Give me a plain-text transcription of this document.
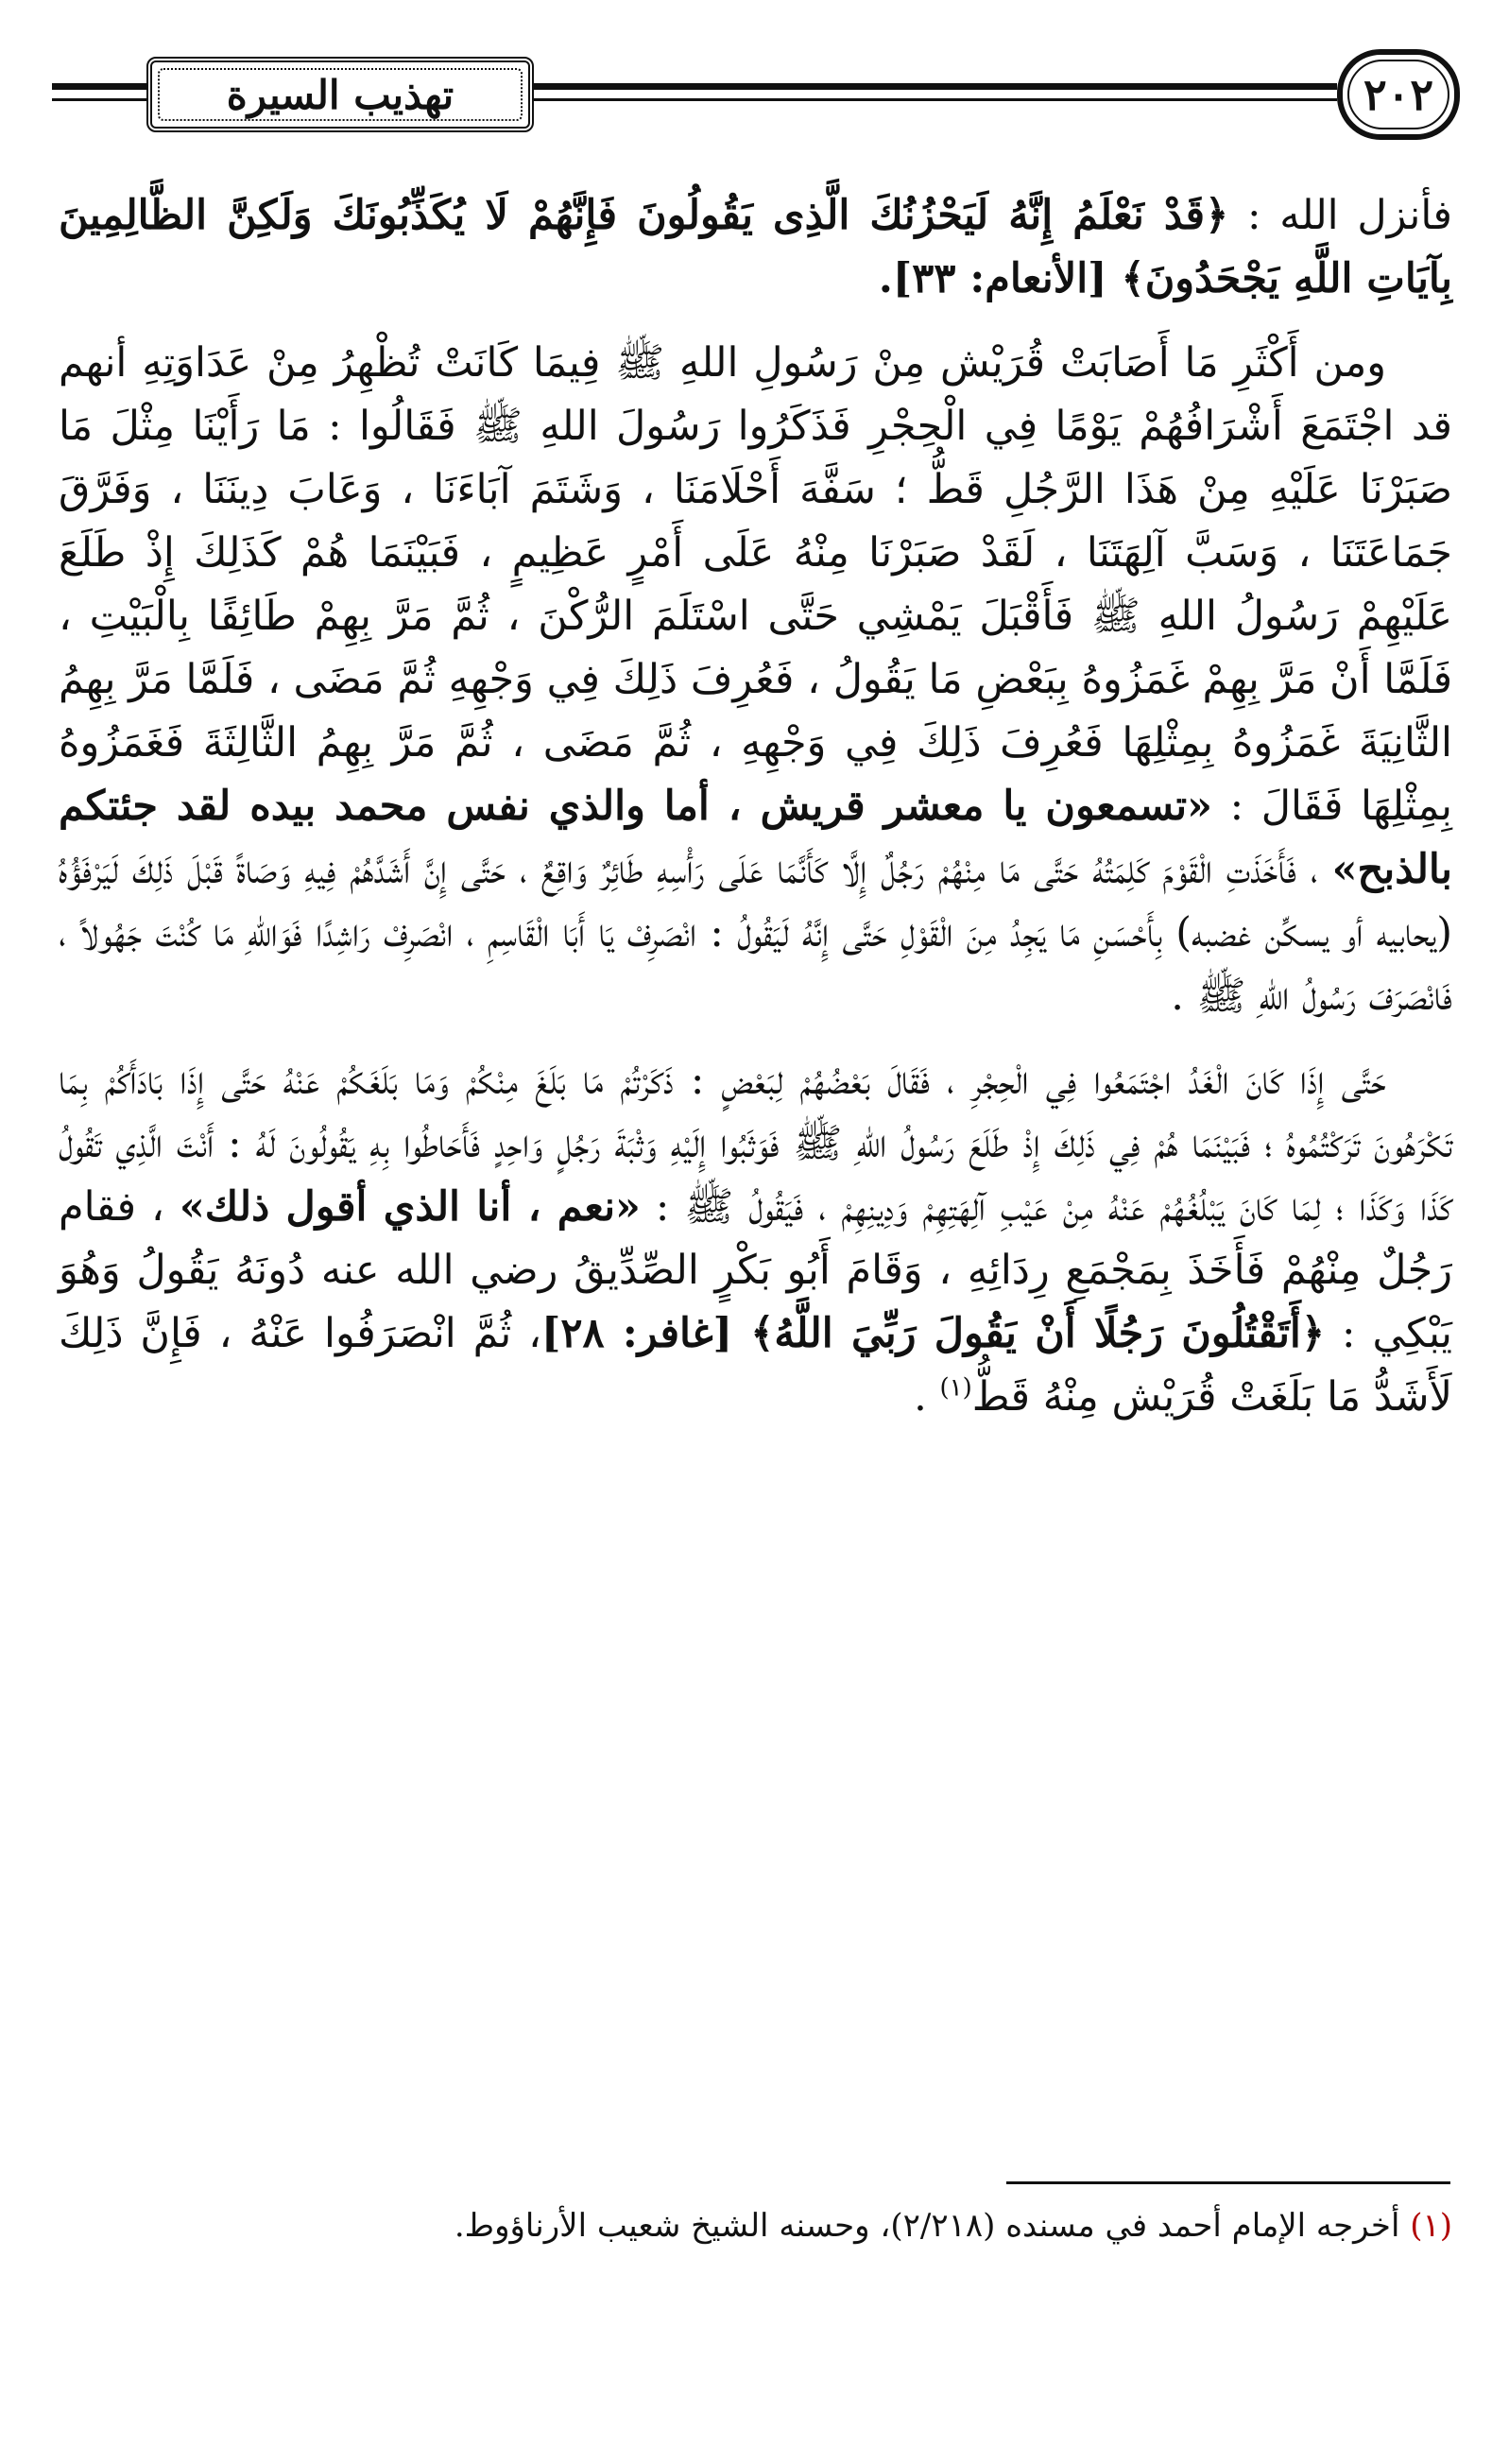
تهذيب السيرة	٢٠٢

فأنزل الله : ﴿قَدْ نَعْلَمُ إِنَّهُ لَيَحْزُنُكَ الَّذِى يَقُولُونَ فَإِنَّهُمْ لَا يُكَذِّبُونَكَ وَلَكِنَّ الظَّالِمِينَ بِآيَاتِ اللَّهِ يَجْحَدُونَ﴾ [الأنعام: ٣٣].

ومن أَكْثَرِ مَا أَصَابَتْ قُرَيْش مِنْ رَسُولِ اللهِ ﷺ فِيمَا كَانَتْ تُظْهِرُ مِنْ عَدَاوَتِهِ أنهم قد اجْتَمَعَ أَشْرَافُهُمْ يَوْمًا فِي الْحِجْرِ فَذَكَرُوا رَسُولَ اللهِ ﷺ فَقَالُوا : مَا رَأَيْنَا مِثْلَ مَا صَبَرْنَا عَلَيْهِ مِنْ هَذَا الرَّجُلِ قَطُّ ؛ سَفَّهَ أَحْلَامَنَا ، وَشَتَمَ آبَاءَنَا ، وَعَابَ دِينَنَا ، وَفَرَّقَ جَمَاعَتَنَا ، وَسَبَّ آلِهَتَنَا ، لَقَدْ صَبَرْنَا مِنْهُ عَلَى أَمْرٍ عَظِيمٍ ، فَبَيْنَمَا هُمْ كَذَلِكَ إِذْ طَلَعَ عَلَيْهِمْ رَسُولُ اللهِ ﷺ فَأَقْبَلَ يَمْشِي حَتَّى اسْتَلَمَ الرُّكْنَ ، ثُمَّ مَرَّ بِهِمْ طَائِفًا بِالْبَيْتِ ، فَلَمَّا أَنْ مَرَّ بِهِمْ غَمَزُوهُ بِبَعْضِ مَا يَقُولُ ، فَعُرِفَ ذَلِكَ فِي وَجْهِهِ ثُمَّ مَضَى ، فَلَمَّا مَرَّ بِهِمُ الثَّانِيَةَ غَمَزُوهُ بِمِثْلِهَا فَعُرِفَ ذَلِكَ فِي وَجْهِهِ ، ثُمَّ مَضَى ، ثُمَّ مَرَّ بِهِمُ الثَّالِثَةَ فَغَمَزُوهُ بِمِثْلِهَا فَقَالَ : «تسمعون يا معشر قريش ، أما والذي نفس محمد بيده لقد جئتكم بالذبح» ، فَأَخَذَتِ الْقَوْمَ كَلِمَتُهُ حَتَّى مَا مِنْهُمْ رَجُلٌ إِلَّا كَأَنَّمَا عَلَى رَأْسِهِ طَائِرٌ وَاقِعٌ ، حَتَّى إِنَّ أَشَدَّهُمْ فِيهِ وَصَاةً قَبْلَ ذَلِكَ لَيَرْفَؤُهُ (يحابيه أو يسكِّن غضبه) بِأَحْسَنِ مَا يَجِدُ مِنَ الْقَوْلِ حَتَّى إِنَّهُ لَيَقُولُ : انْصَرِفْ يَا أَبَا الْقَاسِمِ ، انْصَرِفْ رَاشِدًا فَوَاللهِ مَا كُنْتَ جَهُولاً ، فَانْصَرَفَ رَسُولُ اللهِ ﷺ .

حَتَّى إِذَا كَانَ الْغَدُ اجْتَمَعُوا فِي الْحِجْرِ ، فَقَالَ بَعْضُهُمْ لِبَعْضٍ : ذَكَرْتُمْ مَا بَلَغَ مِنْكُمْ وَمَا بَلَغَكُمْ عَنْهُ حَتَّى إِذَا بَادَأَكُمْ بِمَا تَكْرَهُونَ تَرَكْتُمُوهُ ؛ فَبَيْنَمَا هُمْ فِي ذَلِكَ إِذْ طَلَعَ رَسُولُ اللهِ ﷺ فَوَثَبُوا إِلَيْهِ وَثْبَةَ رَجُلٍ وَاحِدٍ فَأَحَاطُوا بِهِ يَقُولُونَ لَهُ : أَنْتَ الَّذِي تَقُولُ كَذَا وَكَذَا ؛ لِمَا كَانَ يَبْلُغُهُمْ عَنْهُ مِنْ عَيْبِ آلِهَتِهِمْ وَدِينِهِمْ ، فَيَقُولُ ﷺ : «نعم ، أنا الذي أقول ذلك» ، فقام رَجُلٌ مِنْهُمْ فَأَخَذَ بِمَجْمَعِ رِدَائِهِ ، وَقَامَ أَبُو بَكْرٍ الصِّدِّيقُ رضي الله عنه دُونَهُ يَقُولُ وَهُوَ يَبْكِي : ﴿أَتَقْتُلُونَ رَجُلًا أَنْ يَقُولَ رَبِّيَ اللَّهُ﴾ [غافر: ٢٨]، ثُمَّ انْصَرَفُوا عَنْهُ ، فَإِنَّ ذَلِكَ لَأَشَدُّ مَا بَلَغَتْ قُرَيْش مِنْهُ قَطُّ$^{(١)}$ .

(١) أخرجه الإمام أحمد في مسنده (٢/٢١٨)، وحسنه الشيخ شعيب الأرناؤوط.
